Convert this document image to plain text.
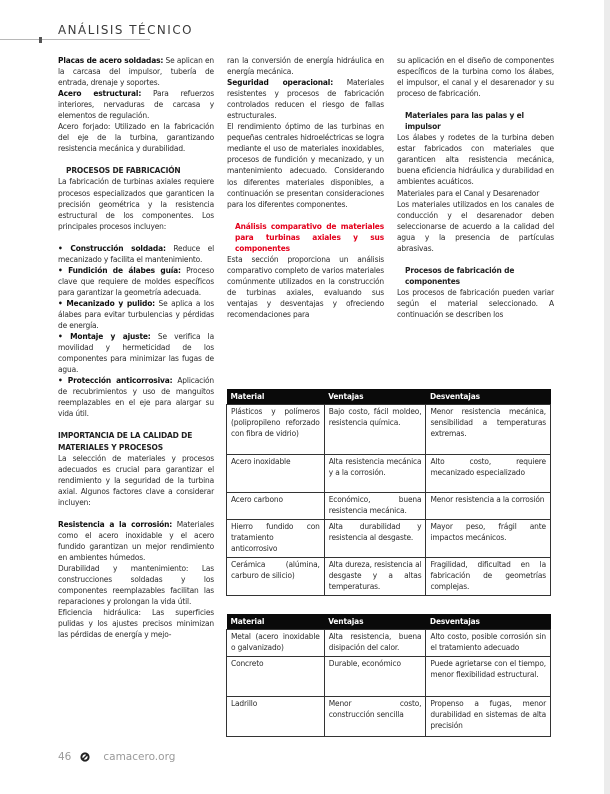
ANÁLISIS TÉCNICO

Placas de acero soldadas: Se aplican en la carcasa del impulsor, tubería de entrada, drenaje y soportes.

Acero estructural: Para refuerzos interiores, nervaduras de carcasa y elementos de regulación.

Acero forjado: Utilizado en la fabricación del eje de la turbina, garantizando resistencia mecánica y durabilidad.

PROCESOS DE FABRICACIÓN

La fabricación de turbinas axiales requiere procesos especializados que garanticen la precisión geométrica y la resistencia estructural de los componentes. Los principales procesos incluyen:

• Construcción soldada: Reduce el mecanizado y facilita el mantenimiento.

• Fundición de álabes guía: Proceso clave que requiere de moldes específicos para garantizar la geometría adecuada.

• Mecanizado y pulido: Se aplica a los álabes para evitar turbulencias y pérdidas de energía.

• Montaje y ajuste: Se verifica la movilidad y hermeticidad de los componentes para minimizar las fugas de agua.

• Protección anticorrosiva: Aplicación de recubrimientos y uso de manguitos reemplazables en el eje para alargar su vida útil.

IMPORTANCIA DE LA CALIDAD DE MATERIALES Y PROCESOS

La selección de materiales y procesos adecuados es crucial para garantizar el rendimiento y la seguridad de la turbina axial. Algunos factores clave a considerar incluyen:

Resistencia a la corrosión: Materiales como el acero inoxidable y el acero fundido garantizan un mejor rendimiento en ambientes húmedos.

Durabilidad y mantenimiento: Las construcciones soldadas y los componentes reemplazables facilitan las reparaciones y prolongan la vida útil.

Eficiencia hidráulica: Las superficies pulidas y los ajustes precisos minimizan las pérdidas de energía y mejo-

ran la conversión de energía hidráulica en energía mecánica.

Seguridad operacional: Materiales resistentes y procesos de fabricación controlados reducen el riesgo de fallas estructurales.

El rendimiento óptimo de las turbinas en pequeñas centrales hidroeléctricas se logra mediante el uso de materiales inoxidables, procesos de fundición y mecanizado, y un mantenimiento adecuado. Considerando los diferentes materiales disponibles, a continuación se presentan consideraciones para los diferentes componentes.

Análisis comparativo de materiales para turbinas axiales y sus componentes

Esta sección proporciona un análisis comparativo completo de varios materiales comúnmente utilizados en la construcción de turbinas axiales, evaluando sus ventajas y desventajas y ofreciendo recomendaciones para

su aplicación en el diseño de componentes específicos de la turbina como los álabes, el impulsor, el canal y el desarenador y su proceso de fabricación.

Materiales para las palas y el impulsor

Los álabes y rodetes de la turbina deben estar fabricados con materiales que garanticen alta resistencia mecánica, buena eficiencia hidráulica y durabilidad en ambientes acuáticos.

Materiales para el Canal y Desarenador

Los materiales utilizados en los canales de conducción y el desarenador deben seleccionarse de acuerdo a la calidad del agua y la presencia de partículas abrasivas.

Procesos de fabricación de componentes

Los procesos de fabricación pueden variar según el material seleccionado. A continuación se describen los

Material	Ventajas	Desventajas
Plásticos y polímeros (polipropileno reforzado con fibra de vidrio)	Bajo costo, fácil moldeo, resistencia química.	Menor resistencia mecánica, sensibilidad a temperaturas extremas.
Acero inoxidable	Alta resistencia mecánica y a la corrosión.	Alto costo, requiere mecanizado especializado
Acero carbono	Económico, buena resistencia mecánica.	Menor resistencia a la corrosión
Hierro fundido con tratamiento anticorrosivo	Alta durabilidad y resistencia al desgaste.	Mayor peso, frágil ante impactos mecánicos.
Cerámica (alúmina, carburo de silicio)	Alta dureza, resistencia al desgaste y a altas temperaturas.	Fragilidad, dificultad en la fabricación de geometrías complejas.
Material	Ventajas	Desventajas
Metal (acero inoxidable o galvanizado)	Alta resistencia, buena disipación del calor.	Alto costo, posible corrosión sin el tratamiento adecuado
Concreto	Durable, económico	Puede agrietarse con el tiempo, menor flexibilidad estructural.
Ladrillo	Menor costo, construcción sencilla	Propenso a fugas, menor durabilidad en sistemas de alta precisión
46	camacero.org
